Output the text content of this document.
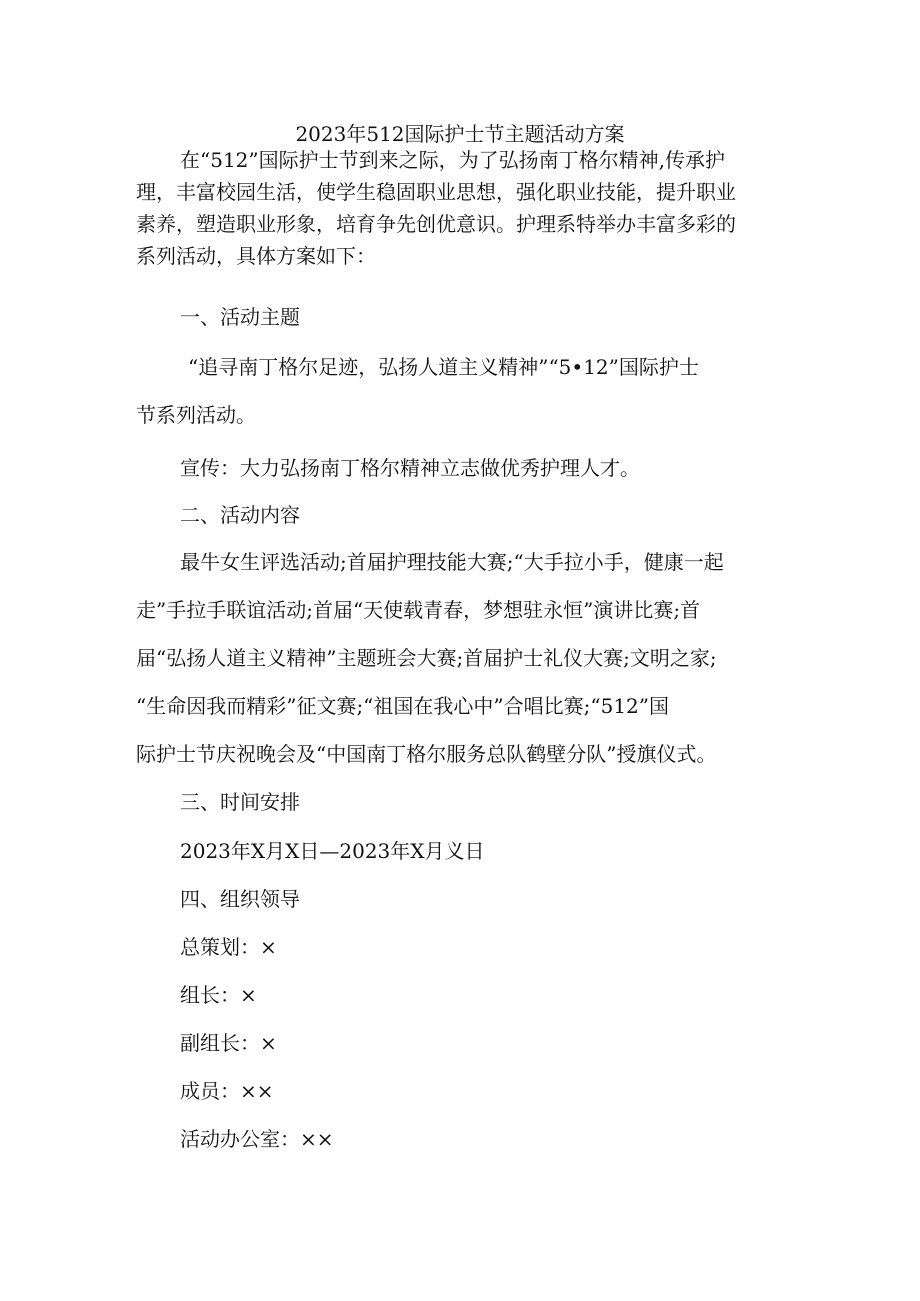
2023年512国际护士节主题活动方案
在“512”国际护士节到来之际，为了弘扬南丁格尔精神,传承护
理，丰富校园生活，使学生稳固职业思想，强化职业技能，提升职业
素养，塑造职业形象，培育争先创优意识。护理系特举办丰富多彩的
系列活动，具体方案如下：
一、活动主题
“追寻南丁格尔足迹，弘扬人道主义精神”“5•12”国际护士
节系列活动。
宣传：大力弘扬南丁格尔精神立志做优秀护理人才。
二、活动内容
最牛女生评选活动;首届护理技能大赛;“大手拉小手，健康一起
走”手拉手联谊活动;首届“天使载青春，梦想驻永恒”演讲比赛;首
届“弘扬人道主义精神”主题班会大赛;首届护士礼仪大赛;文明之家;
“生命因我而精彩”征文赛;“祖国在我心中”合唱比赛;“512”国
际护士节庆祝晚会及“中国南丁格尔服务总队鹤壁分队”授旗仪式。
三、时间安排
2023年X月X日—2023年X月义日
四、组织领导
总策划：×
组长：×
副组长：×
成员：××
活动办公室：××
